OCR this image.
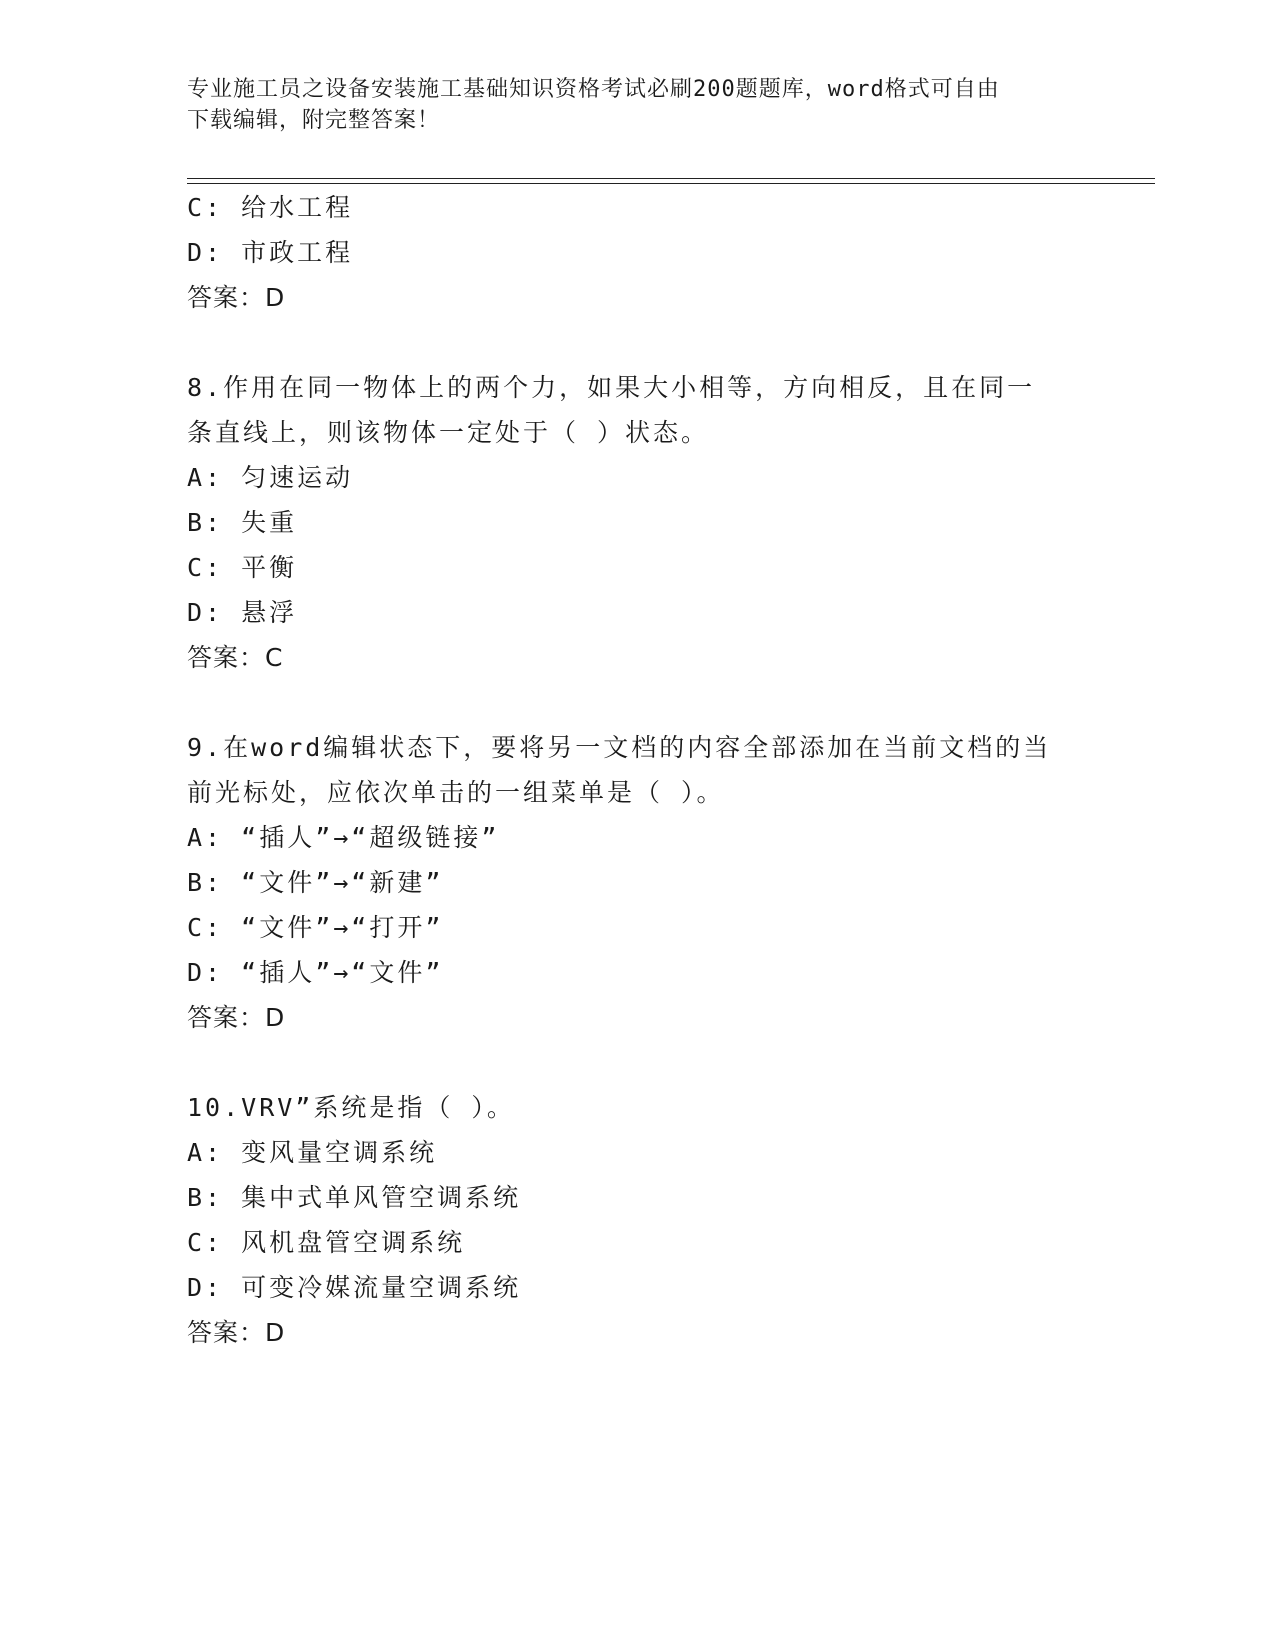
专业施工员之设备安装施工基础知识资格考试必刷200题题库，word格式可自由
下载编辑，附完整答案！
C: 给水工程
D: 市政工程
答案：D
8.作用在同一物体上的两个力，如果大小相等，方向相反，且在同一
条直线上，则该物体一定处于（ ）状态。
A: 匀速运动
B: 失重
C: 平衡
D: 悬浮
答案：C
9.在word编辑状态下，要将另一文档的内容全部添加在当前文档的当
前光标处，应依次单击的一组菜单是（ ）。
A: “插人”→“超级链接”
B: “文件”→“新建”
C: “文件”→“打开”
D: “插人”→“文件”
答案：D
10.VRV”系统是指（ ）。
A: 变风量空调系统
B: 集中式单风管空调系统
C: 风机盘管空调系统
D: 可变冷媒流量空调系统
答案：D
